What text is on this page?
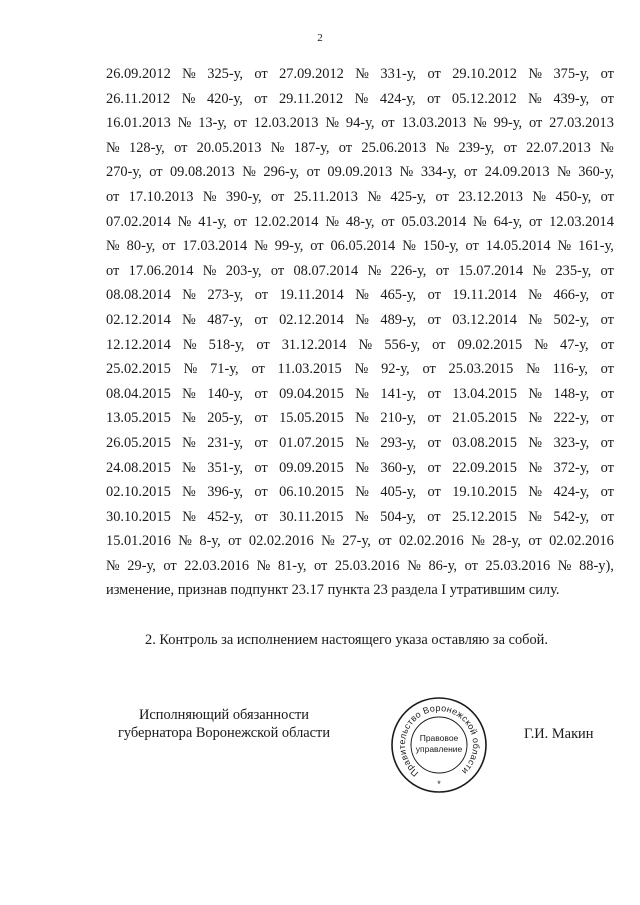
2
26.09.2012 № 325-у, от 27.09.2012 № 331-у, от 29.10.2012 № 375-у, от
26.11.2012 № 420-у, от 29.11.2012 № 424-у, от 05.12.2012 № 439-у, от
16.01.2013 № 13-у, от 12.03.2013 № 94-у, от 13.03.2013 № 99-у, от 27.03.2013
№ 128-у, от 20.05.2013 № 187-у, от 25.06.2013 № 239-у, от 22.07.2013 №
270-у, от 09.08.2013 № 296-у, от 09.09.2013 № 334-у, от 24.09.2013 № 360-у,
от 17.10.2013 № 390-у, от 25.11.2013 № 425-у, от 23.12.2013 № 450-у, от
07.02.2014 № 41-у, от 12.02.2014 № 48-у, от 05.03.2014 № 64-у, от 12.03.2014
№ 80-у, от 17.03.2014 № 99-у, от 06.05.2014 № 150-у, от 14.05.2014 № 161-у,
от 17.06.2014 № 203-у, от 08.07.2014 № 226-у, от 15.07.2014 № 235-у, от
08.08.2014 № 273-у, от 19.11.2014 № 465-у, от 19.11.2014 № 466-у, от
02.12.2014 № 487-у, от 02.12.2014 № 489-у, от 03.12.2014 № 502-у, от
12.12.2014 № 518-у, от 31.12.2014 № 556-у, от 09.02.2015 № 47-у, от
25.02.2015 № 71-у, от 11.03.2015 № 92-у, от 25.03.2015 № 116-у, от
08.04.2015 № 140-у, от 09.04.2015 № 141-у, от 13.04.2015 № 148-у, от
13.05.2015 № 205-у, от 15.05.2015 № 210-у, от 21.05.2015 № 222-у, от
26.05.2015 № 231-у, от 01.07.2015 № 293-у, от 03.08.2015 № 323-у, от
24.08.2015 № 351-у, от 09.09.2015 № 360-у, от 22.09.2015 № 372-у, от
02.10.2015 № 396-у, от 06.10.2015 № 405-у, от 19.10.2015 № 424-у, от
30.10.2015 № 452-у, от 30.11.2015 № 504-у, от 25.12.2015 № 542-у, от
15.01.2016 № 8-у, от 02.02.2016 № 27-у, от 02.02.2016 № 28-у, от 02.02.2016
№ 29-у, от 22.03.2016 № 81-у, от 25.03.2016 № 86-у, от 25.03.2016 № 88-у),
изменение, признав подпункт 23.17 пункта 23 раздела I утратившим силу.
2. Контроль за исполнением настоящего указа оставляю за собой.
Исполняющий обязанности
губернатора Воронежской области
Правительство Воронежской области
Правовое
управление
*
Г.И. Макин
